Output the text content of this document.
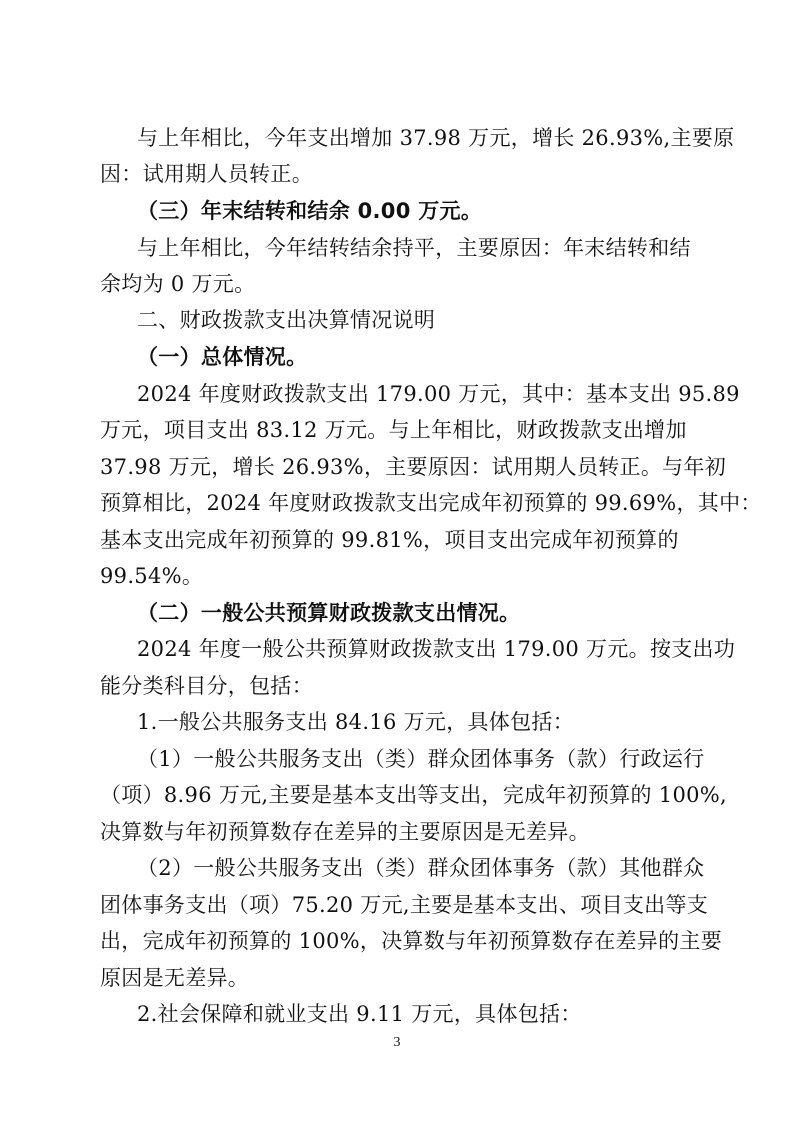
与上年相比，今年支出增加 37.98 万元，增长 26.93%,主要原
因：试用期人员转正。
（三）年末结转和结余 0.00 万元。
与上年相比，今年结转结余持平，主要原因：年末结转和结
余均为 0 万元。
二、财政拨款支出决算情况说明
（一）总体情况。
2024 年度财政拨款支出 179.00 万元，其中：基本支出 95.89
万元，项目支出 83.12 万元。与上年相比，财政拨款支出增加
37.98 万元，增长 26.93%，主要原因：试用期人员转正。与年初
预算相比，2024 年度财政拨款支出完成年初预算的 99.69%，其中：
基本支出完成年初预算的 99.81%，项目支出完成年初预算的
99.54%。
（二）一般公共预算财政拨款支出情况。
2024 年度一般公共预算财政拨款支出 179.00 万元。按支出功
能分类科目分，包括：
1.一般公共服务支出 84.16 万元，具体包括：
（1）一般公共服务支出（类）群众团体事务（款）行政运行
（项）8.96 万元,主要是基本支出等支出，完成年初预算的 100%,
决算数与年初预算数存在差异的主要原因是无差异。
（2）一般公共服务支出（类）群众团体事务（款）其他群众
团体事务支出（项）75.20 万元,主要是基本支出、项目支出等支
出，完成年初预算的 100%，决算数与年初预算数存在差异的主要
原因是无差异。
2.社会保障和就业支出 9.11 万元，具体包括：
3
